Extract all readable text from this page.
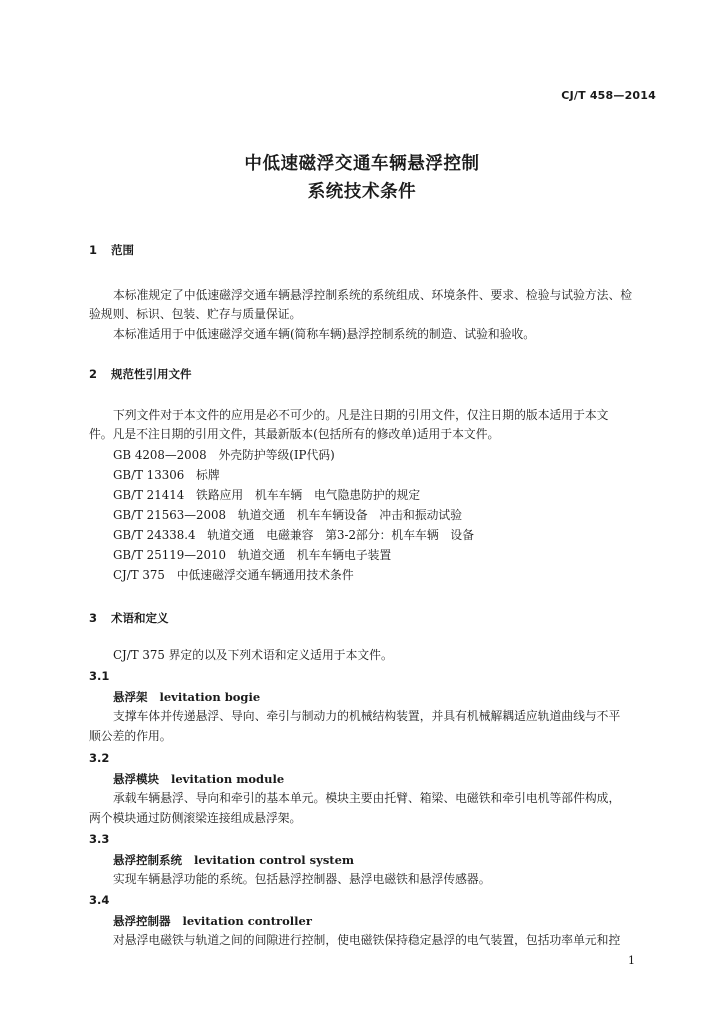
CJ/T 458—2014
中低速磁浮交通车辆悬浮控制
系统技术条件
1 范围
本标准规定了中低速磁浮交通车辆悬浮控制系统的系统组成、环境条件、要求、检验与试验方法、检
验规则、标识、包装、贮存与质量保证。
本标准适用于中低速磁浮交通车辆(简称车辆)悬浮控制系统的制造、试验和验收。
2 规范性引用文件
下列文件对于本文件的应用是必不可少的。凡是注日期的引用文件，仅注日期的版本适用于本文
件。凡是不注日期的引用文件，其最新版本(包括所有的修改单)适用于本文件。
GB 4208—2008　 外壳防护等级(IP代码)
GB/T 13306　 标牌
GB/T 21414　 铁路应用　机车车辆　电气隐患防护的规定
GB/T 21563—2008　 轨道交通　机车车辆设备　冲击和振动试验
GB/T 24338.4　 轨道交通　电磁兼容　第3-2部分：机车车辆　设备
GB/T 25119—2010　 轨道交通　机车车辆电子装置
CJ/T 375　 中低速磁浮交通车辆通用技术条件
3 术语和定义
CJ/T 375 界定的以及下列术语和定义适用于本文件。
3.1
悬浮架 levitation bogie
支撑车体并传递悬浮、导向、牵引与制动力的机械结构装置，并具有机械解耦适应轨道曲线与不平
顺公差的作用。
3.2
悬浮模块 levitation module
承载车辆悬浮、导向和牵引的基本单元。模块主要由托臂、箱梁、电磁铁和牵引电机等部件构成，
两个模块通过防侧滚梁连接组成悬浮架。
3.3
悬浮控制系统 levitation control system
实现车辆悬浮功能的系统。包括悬浮控制器、悬浮电磁铁和悬浮传感器。
3.4
悬浮控制器 levitation controller
对悬浮电磁铁与轨道之间的间隙进行控制，使电磁铁保持稳定悬浮的电气装置，包括功率单元和控
1
